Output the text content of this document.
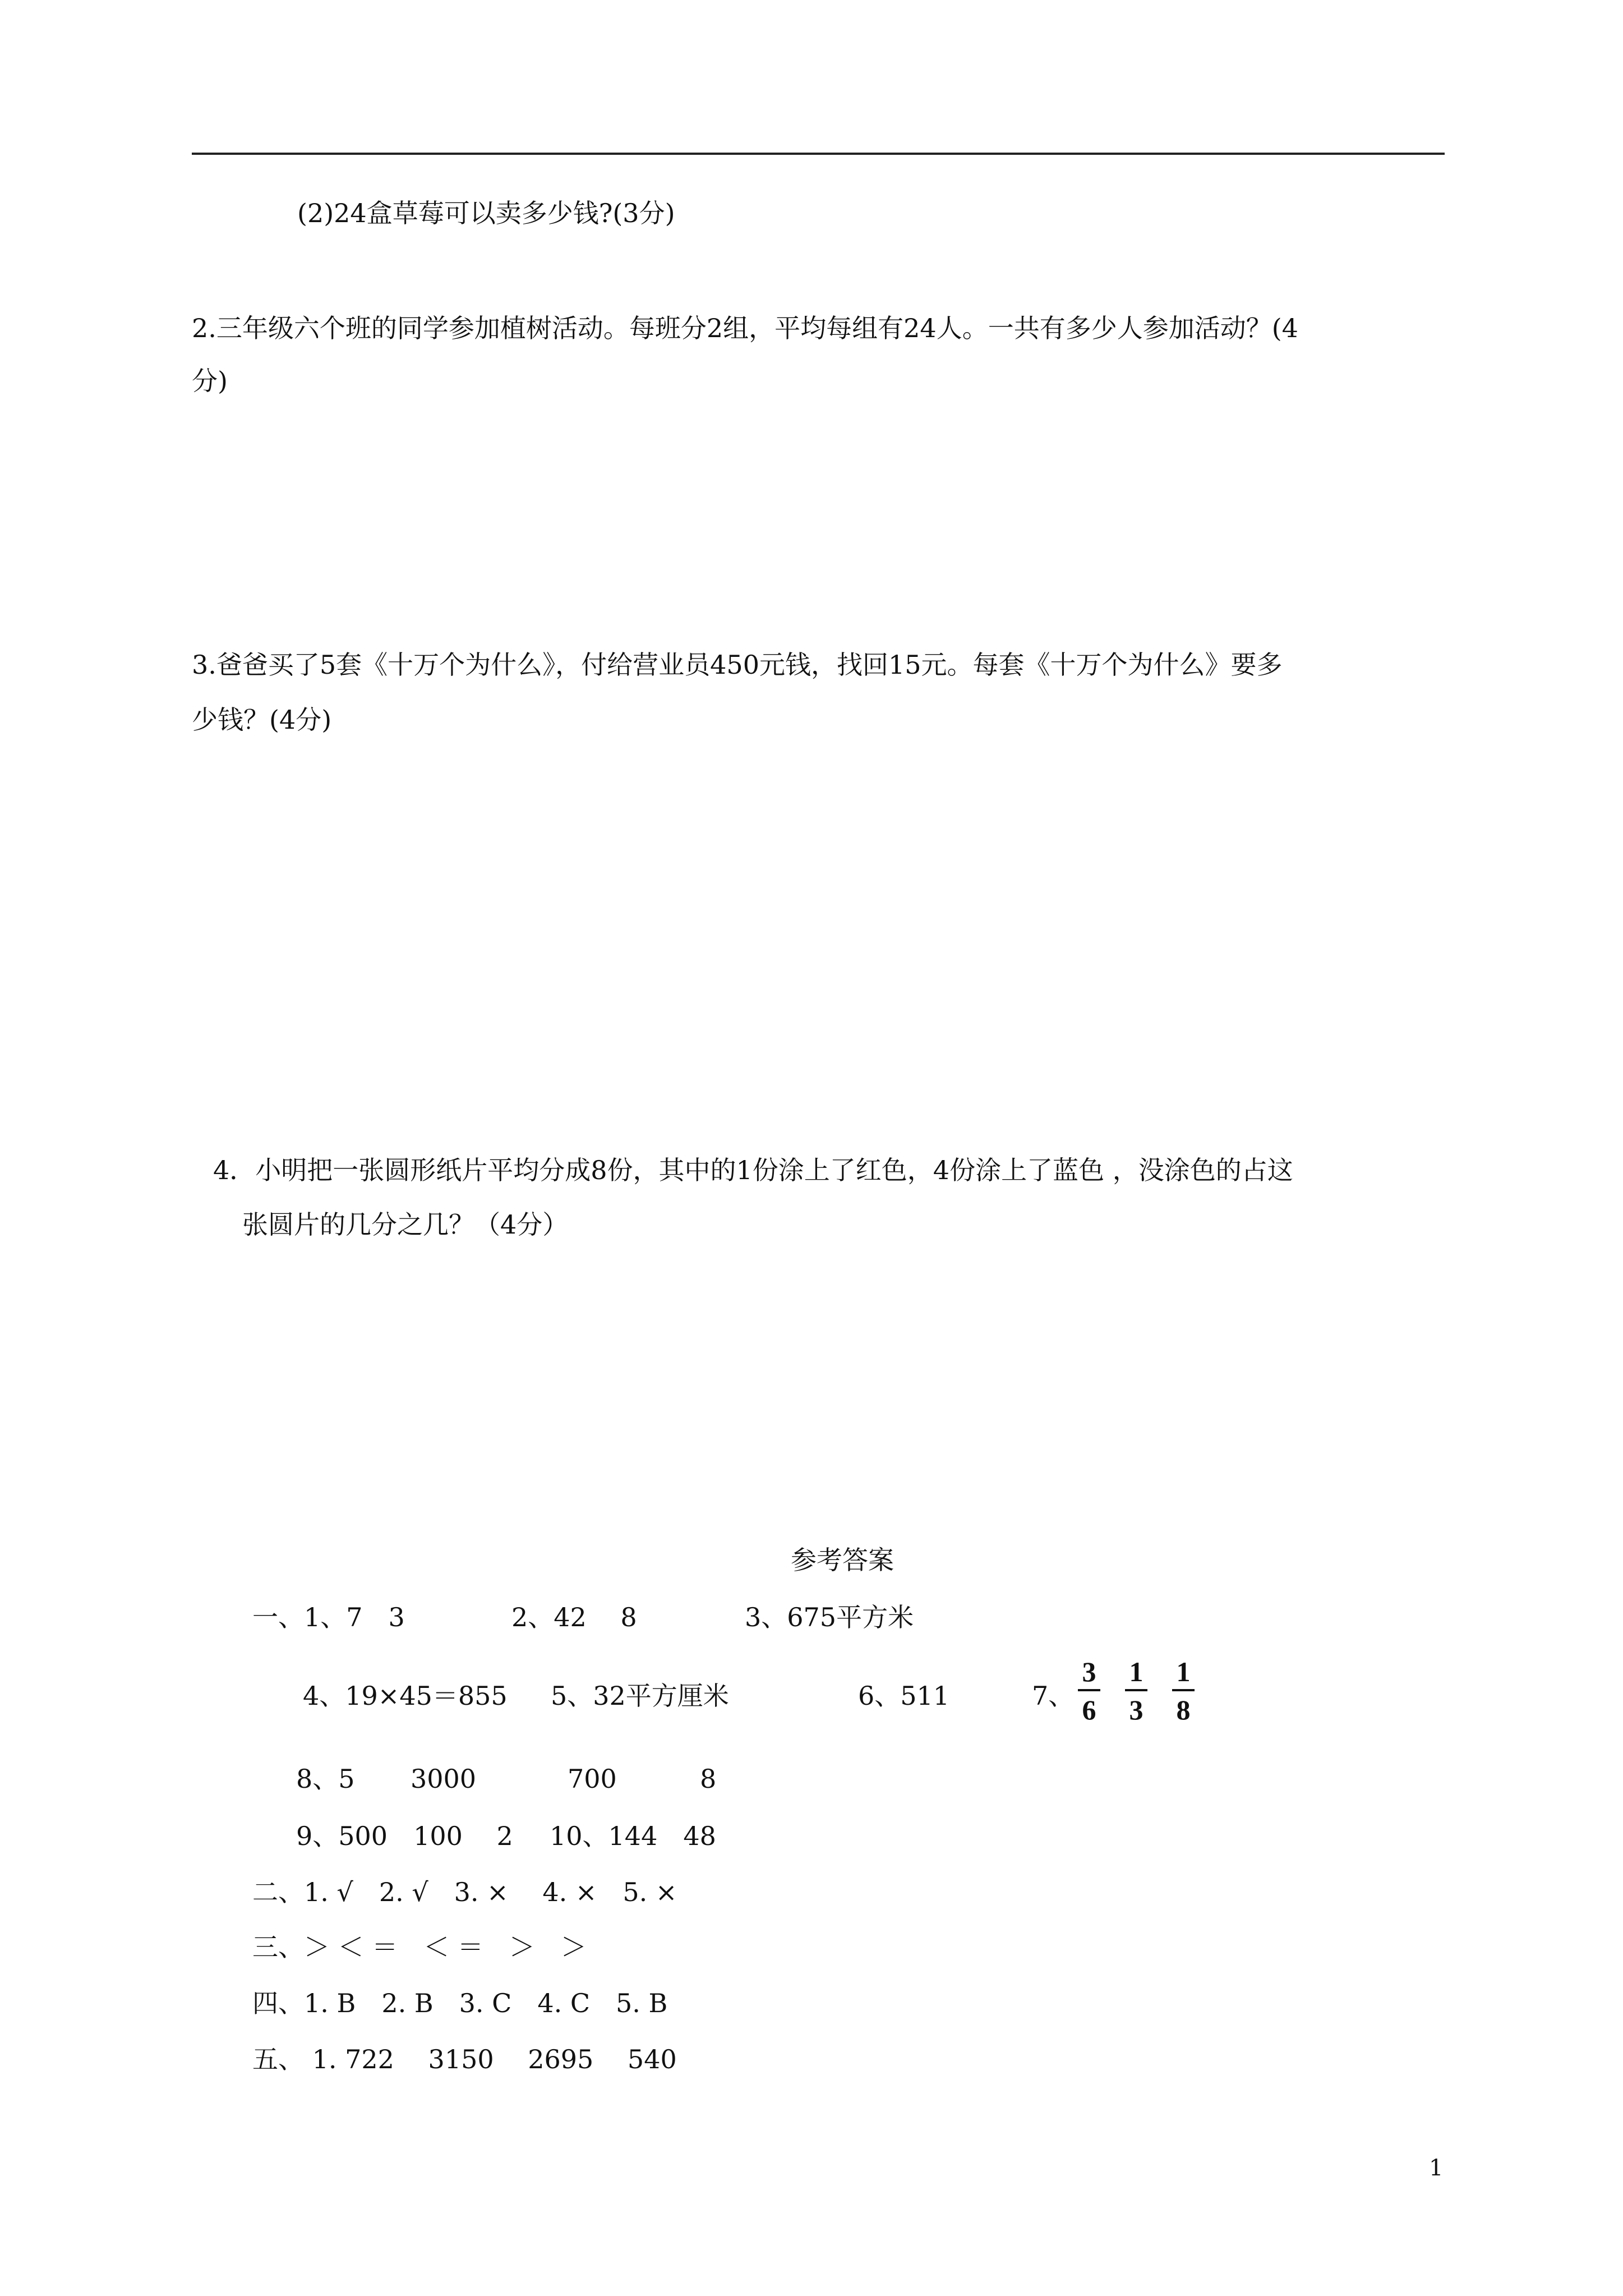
(2)24盒草莓可以卖多少钱?(3分)
2.三年级六个班的同学参加植树活动。每班分2组，平均每组有24人。一共有多少人参加活动？(4
分)
3.爸爸买了5套《十万个为什么》，付给营业员450元钱，找回15元。每套《十万个为什么》要多
少钱？(4分)
4．小明把一张圆形纸片平均分成8份，其中的1份涂上了红色，4份涂上了蓝色 ，没涂色的占这
张圆片的几分之几？（4分）
参考答案
一、1、7　3	2、42　 8	3、675平方米
4、19×45＝855 5、32平方厘米	6、511	7、
3
6
1
3
1
8
8、5 3000	700	8
9、500　100　 2 10、144　48
二、1. √　2. √　3. ×　 4. ×　5. ×
三、＞ ＜ ＝　＜ ＝　＞　＞
四、1. B　2. B　3. C　4. C　5. B
五、 1. 722　 3150　 2695　 540
1
